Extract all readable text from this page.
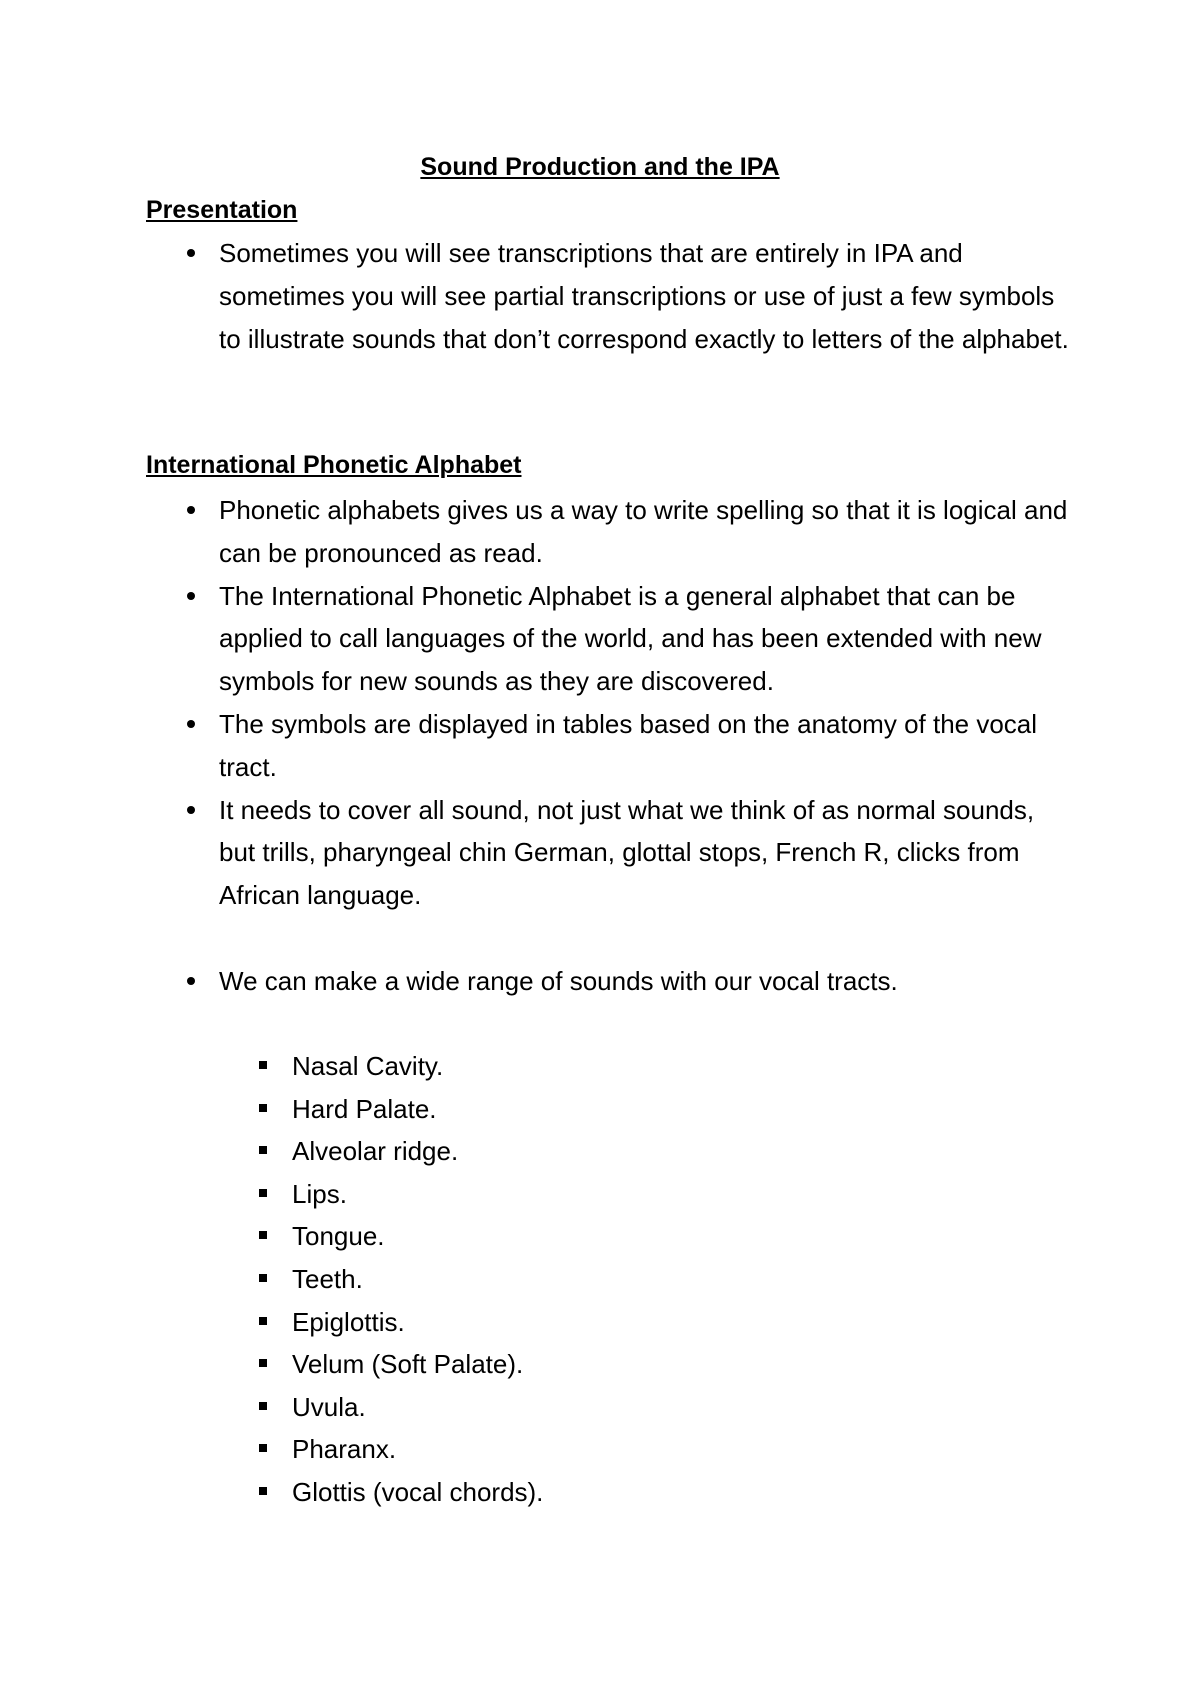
Sound Production and the IPA
Presentation
Sometimes you will see transcriptions that are entirely in IPA and sometimes you will see partial transcriptions or use of just a few symbols to illustrate sounds that don’t correspond exactly to letters of the alphabet.
International Phonetic Alphabet
Phonetic alphabets gives us a way to write spelling so that it is logical and can be pronounced as read.
The International Phonetic Alphabet is a general alphabet that can be applied to call languages of the world, and has been extended with new symbols for new sounds as they are discovered.
The symbols are displayed in tables based on the anatomy of the vocal tract.
It needs to cover all sound, not just what we think of as normal sounds, but trills, pharyngeal chin German, glottal stops, French R, clicks from African language.
We can make a wide range of sounds with our vocal tracts.
Nasal Cavity.
Hard Palate.
Alveolar ridge.
Lips.
Tongue.
Teeth.
Epiglottis.
Velum (Soft Palate).
Uvula.
Pharanx.
Glottis (vocal chords).
